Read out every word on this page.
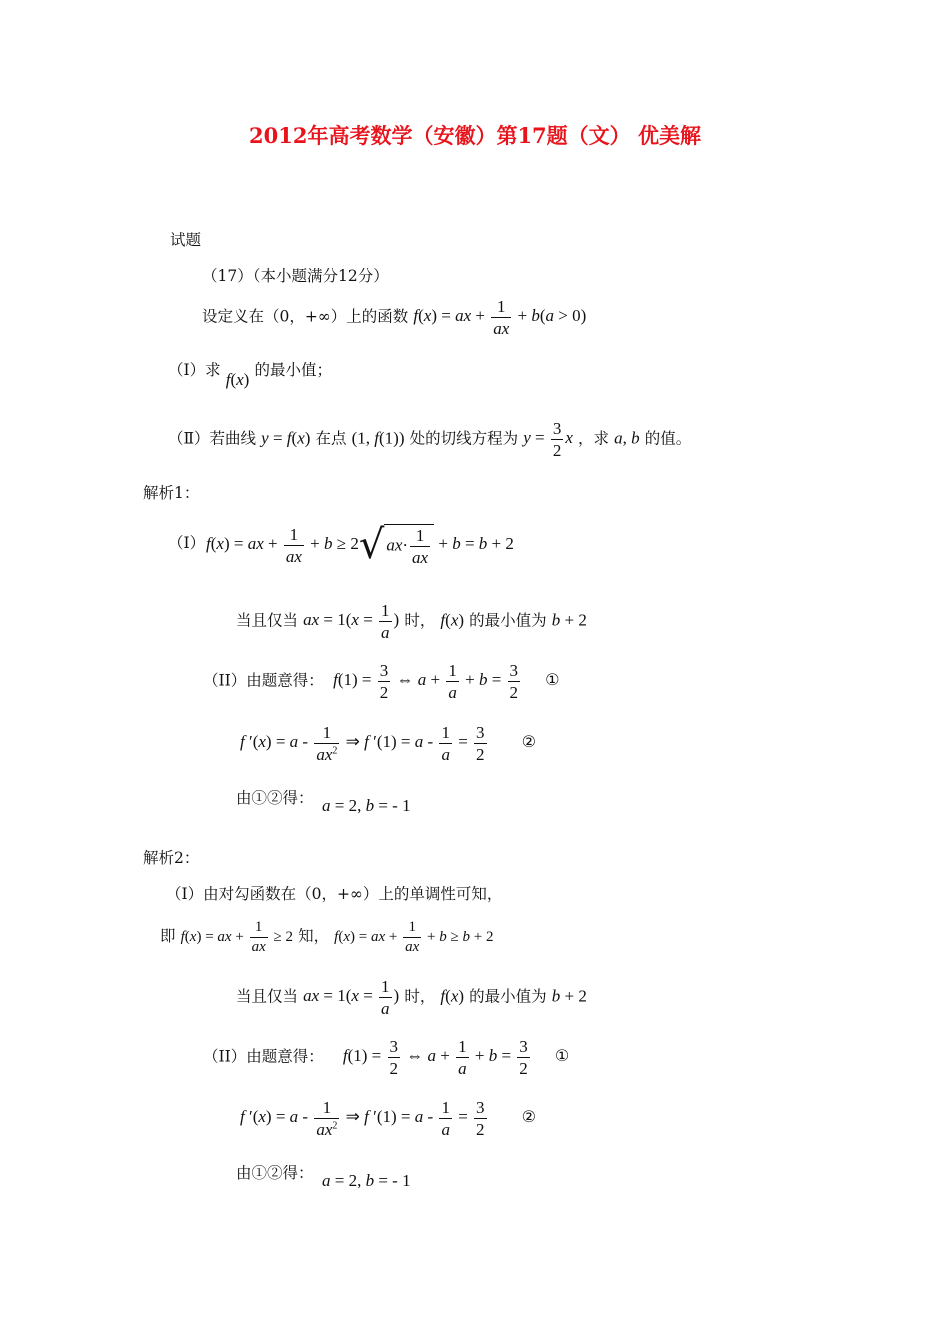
2012年高考数学（安徽）第17题（文） 优美解
试题
（17）（本小题满分12分）
设定义在（0，+∞）上的函数 f(x) = ax + $\frac{1}{ax} + b(a > 0)$
（Ⅰ）求 f(x) 的最小值；
（Ⅱ）若曲线 y = f(x) 在点 (1, f(1)) 处的切线方程为 $y = \frac{3}{2}$ x ，求 a, b 的值。
解析1：
（I） f(x) = ax + $\frac{1}{ax} + b \ge 2√$ $ax\cdot \frac{1}{ax} + b = b + 2$
当且仅当 ax = $1(x = \frac{1}{a}$ ) 时， f(x) 的最小值为 b + 2
（II）由题意得： $f(1) = \frac{3}{2}$ ⇔ $a + \frac{1}{a} + b = \frac{3}{2}$ ①
f $'(x) = a - \frac{1}{ax^2}$ ⇒ f $'(1) = a - \frac{1}{a} = \frac{3}{2}$ ②
由①②得： a = 2, b = - 1
解析2：
（I）由对勾函数在（0，+∞）上的单调性可知，
即 f(x) = ax + $\frac{1}{ax} \ge 2$ 知， f(x) = ax + $\frac{1}{ax} + b \ge b + 2$
当且仅当 ax = $1(x = \frac{1}{a}$ ) 时， f(x) 的最小值为 b + 2
（II）由题意得： $f(1) = \frac{3}{2}$ ⇔ $a + \frac{1}{a} + b = \frac{3}{2}$ ①
f $'(x) = a - \frac{1}{ax^2}$ ⇒ f $'(1) = a - \frac{1}{a} = \frac{3}{2}$ ②
由①②得： a = 2, b = - 1
